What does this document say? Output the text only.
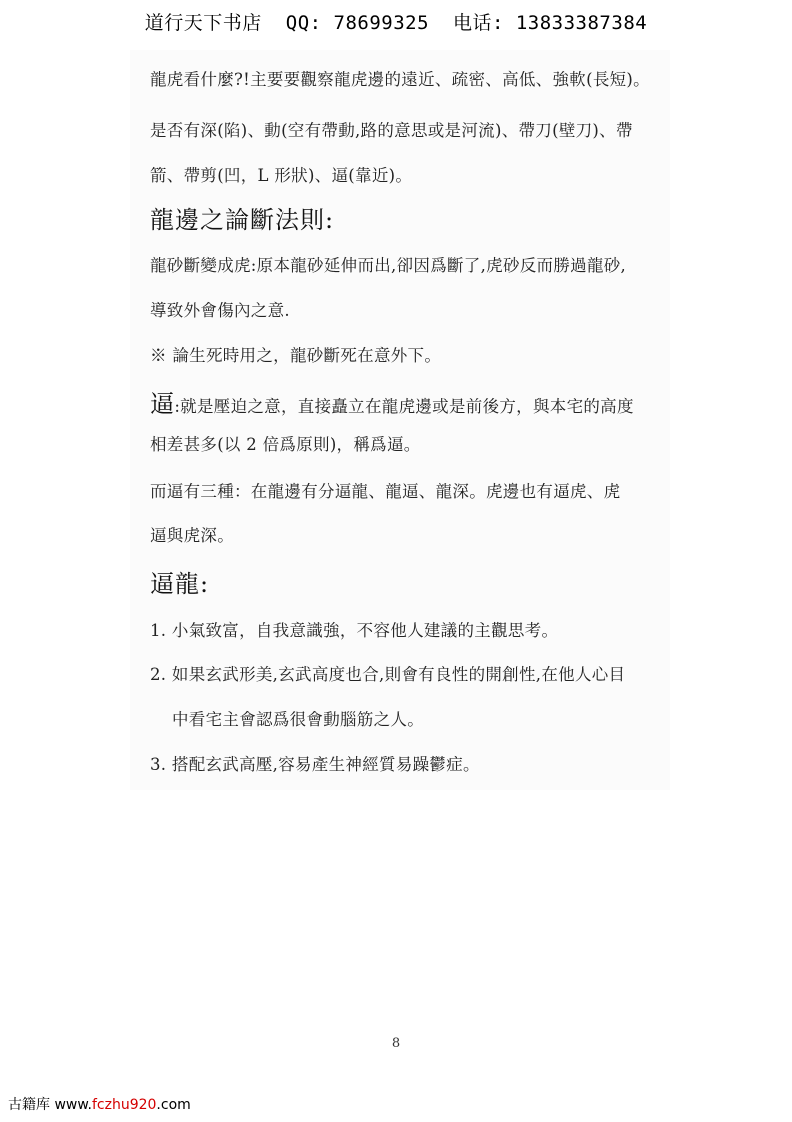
道行天下书店 QQ: 78699325 电话: 13833387384
龍虎看什麼?!主要要觀察龍虎邊的遠近、疏密、高低、強軟(長短)。
是否有深(陷)、動(空有帶動,路的意思或是河流)、帶刀(壁刀)、帶
箭、帶剪(凹，L 形狀)、逼(靠近)。
龍邊之論斷法則:
龍砂斷變成虎:原本龍砂延伸而出,卻因爲斷了,虎砂反而勝過龍砂,
導致外會傷內之意.
※ 論生死時用之，龍砂斷死在意外下。
逼:就是壓迫之意，直接矗立在龍虎邊或是前後方，與本宅的高度
相差甚多(以 2 倍爲原則)，稱爲逼。
而逼有三種：在龍邊有分逼龍、龍逼、龍深。虎邊也有逼虎、虎
逼與虎深。
逼龍:
1. 小氣致富，自我意識強，不容他人建議的主觀思考。
2. 如果玄武形美,玄武高度也合,則會有良性的開創性,在他人心目
中看宅主會認爲很會動腦筋之人。
3. 搭配玄武高壓,容易產生神經質易躁鬱症。
8
古籍库 www.fczhu920.com
